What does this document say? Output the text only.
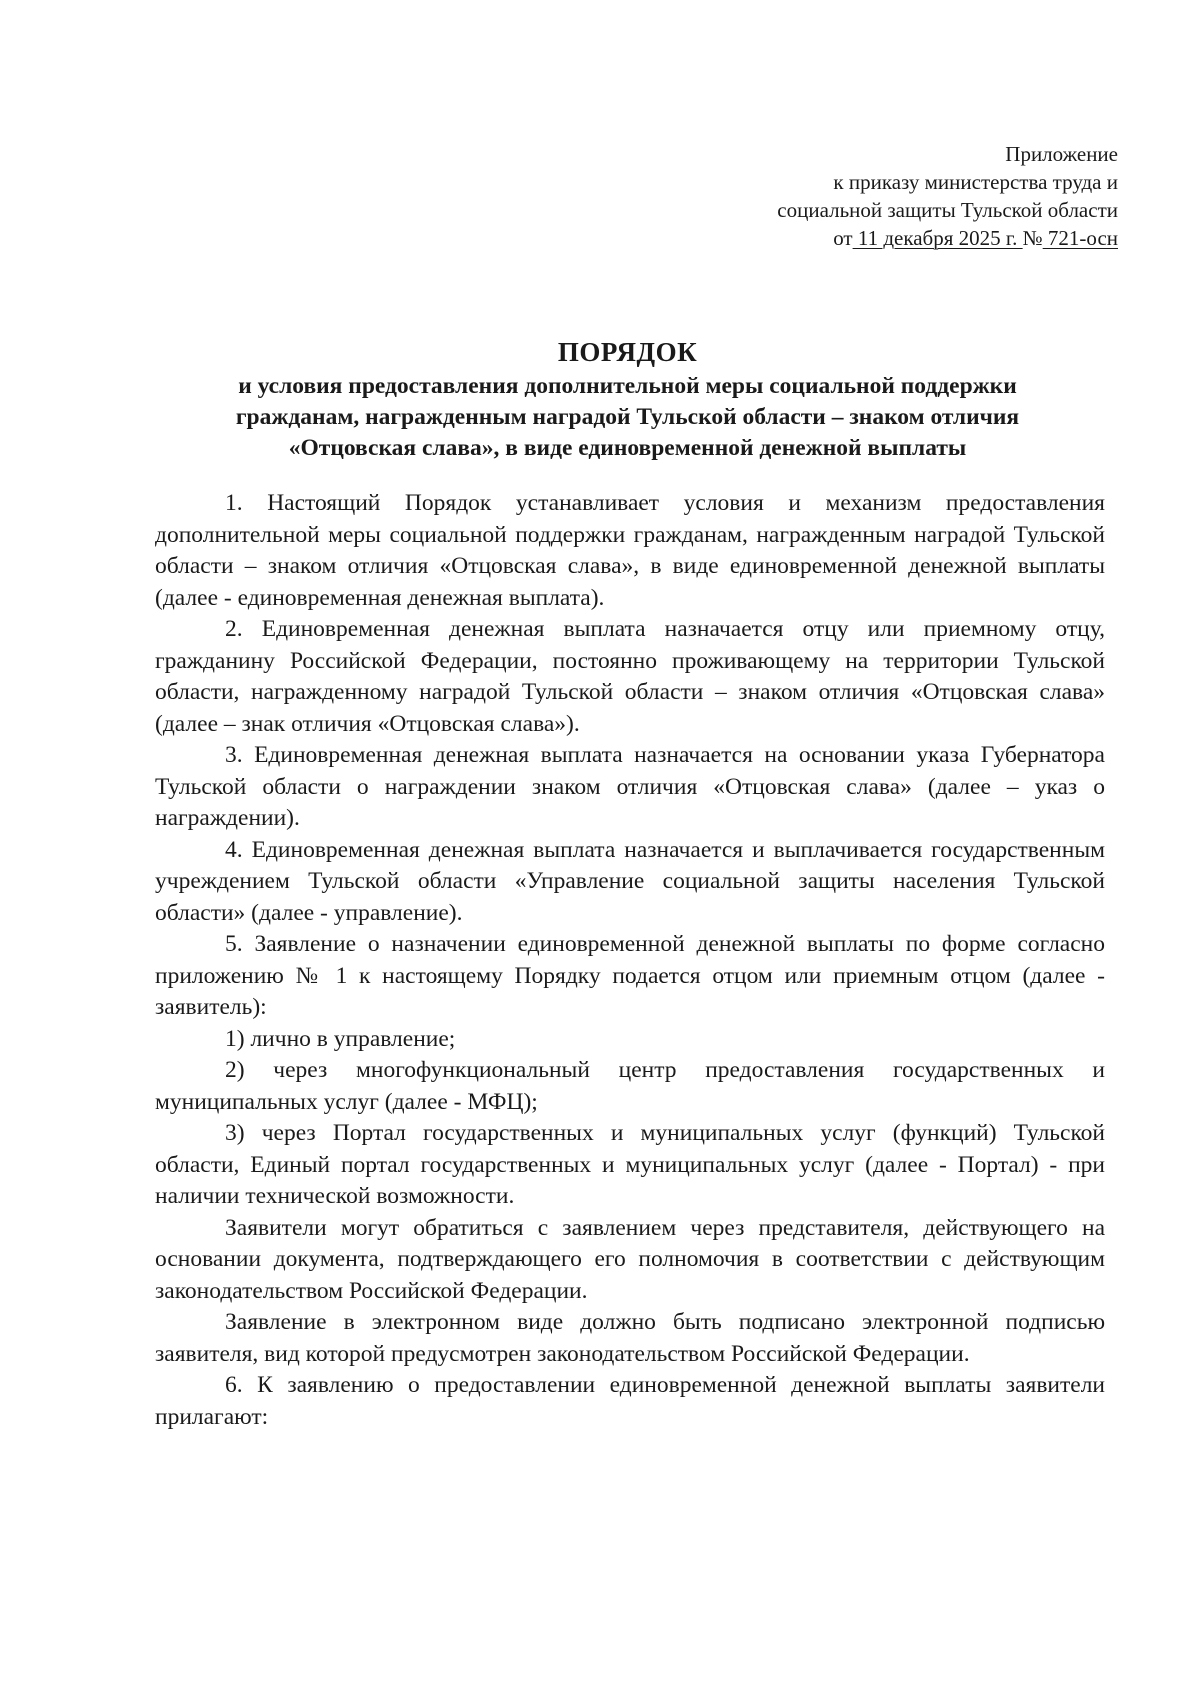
Приложение
к приказу министерства труда и
социальной защиты Тульской области
от 11 декабря 2025 г. № 721-осн
ПОРЯДОК
и условия предоставления дополнительной меры социальной поддержки
гражданам, награжденным наградой Тульской области – знаком отличия
«Отцовская слава», в виде единовременной денежной выплаты

1. Настоящий Порядок устанавливает условия и механизм предоставления дополнительной меры социальной поддержки гражданам, награжденным наградой Тульской области – знаком отличия «Отцовская слава», в виде единовременной денежной выплаты (далее - единовременная денежная выплата).

2. Единовременная денежная выплата назначается отцу или приемному отцу, гражданину Российской Федерации, постоянно проживающему на территории Тульской области, награжденному наградой Тульской области – знаком отличия «Отцовская слава» (далее – знак отличия «Отцовская слава»).

3. Единовременная денежная выплата назначается на основании указа Губернатора Тульской области о награждении знаком отличия «Отцовская слава» (далее – указ о награждении).

4. Единовременная денежная выплата назначается и выплачивается государственным учреждением Тульской области «Управление социальной защиты населения Тульской области» (далее - управление).

5. Заявление о назначении единовременной денежной выплаты по форме согласно приложению № 1 к настоящему Порядку подается отцом или приемным отцом (далее - заявитель):

1) лично в управление;

2) через многофункциональный центр предоставления государственных и муниципальных услуг (далее - МФЦ);

3) через Портал государственных и муниципальных услуг (функций) Тульской области, Единый портал государственных и муниципальных услуг (далее - Портал) - при наличии технической возможности.

Заявители могут обратиться с заявлением через представителя, действующего на основании документа, подтверждающего его полномочия в соответствии с действующим законодательством Российской Федерации.

Заявление в электронном виде должно быть подписано электронной подписью заявителя, вид которой предусмотрен законодательством Российской Федерации.

6. К заявлению о предоставлении единовременной денежной выплаты заявители прилагают:
